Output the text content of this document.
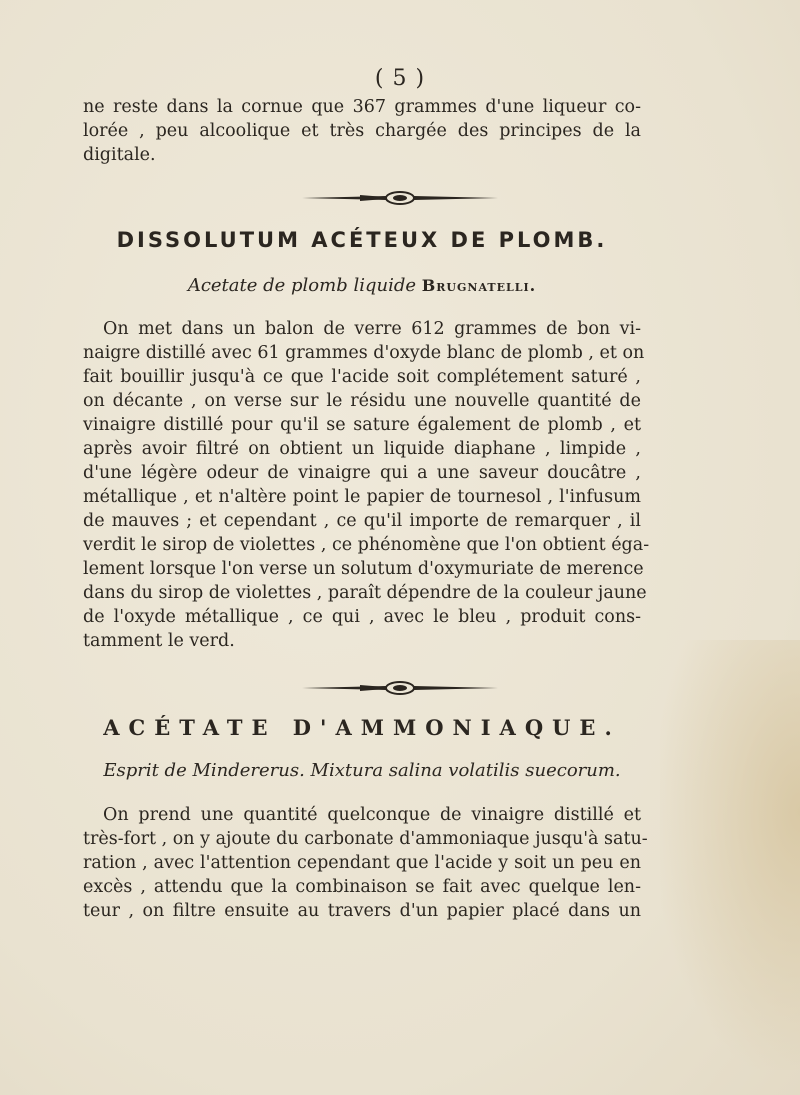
( 5 )
ne reste dans la cornue que 367 grammes d'une liqueur co-
lorée , peu alcoolique et très chargée des principes de la
digitale.
DISSOLUTUM ACÉTEUX DE PLOMB.
Acetate de plomb liquide Brugnatelli.
On met dans un balon de verre 612 grammes de bon vi-
naigre distillé avec 61 grammes d'oxyde blanc de plomb , et on
fait bouillir jusqu'à ce que l'acide soit complétement saturé ,
on décante , on verse sur le résidu une nouvelle quantité de
vinaigre distillé pour qu'il se sature également de plomb , et
après avoir filtré on obtient un liquide diaphane , limpide ,
d'une légère odeur de vinaigre qui a une saveur doucâtre ,
métallique , et n'altère point le papier de tournesol , l'infusum
de mauves ; et cependant , ce qu'il importe de remarquer , il
verdit le sirop de violettes , ce phénomène que l'on obtient éga-
lement lorsque l'on verse un solutum d'oxymuriate de merence
dans du sirop de violettes , paraît dépendre de la couleur jaune
de l'oxyde métallique , ce qui , avec le bleu , produit cons-
tamment le verd.
ACÉTATE D'AMMONIAQUE.
Esprit de Mindererus. Mixtura salina volatilis suecorum.
On prend une quantité quelconque de vinaigre distillé et
très-fort , on y ajoute du carbonate d'ammoniaque jusqu'à satu-
ration , avec l'attention cependant que l'acide y soit un peu en
excès , attendu que la combinaison se fait avec quelque len-
teur , on filtre ensuite au travers d'un papier placé dans un
